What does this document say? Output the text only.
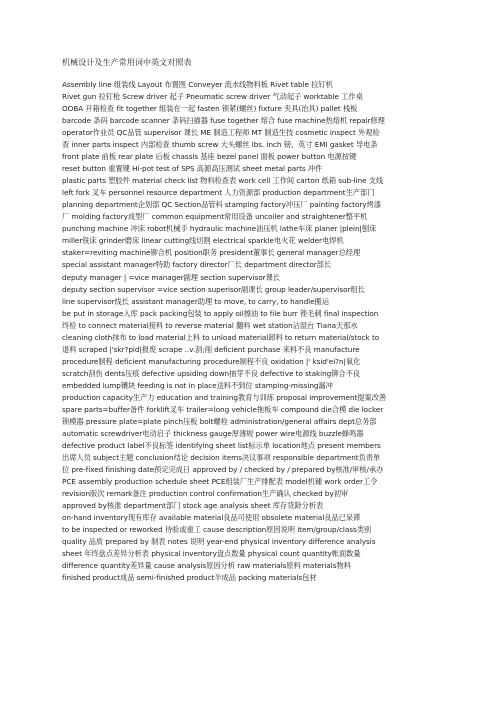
机械设计及生产常用词中英文对照表
Assembly line 组装线 Layout 布置图 Conveyer 流水线物料板 Rivet table 拉钉机
Rivet gun 拉钉枪 Screw driver 起子 Pneumatic screw driver 气动起子 worktable 工作桌
OOBA 开箱检查 fit together 组装在一起 fasten 锁紧(螺丝) fixture 夹具(治具) pallet 栈板
barcode 条码 barcode scanner 条码扫描器 fuse together 熔合 fuse machine热熔机 repair修理
operator作业员 QC品管 supervisor 课长 ME 制造工程师 MT 制造生技 cosmetic inspect 外观检
查 inner parts inspect 内部检查 thumb screw 大头螺丝 lbs. inch 镑、英寸 EMI gasket 导电条
front plate 前板 rear plate 后板 chassis 基座 bezel panel 面板 power button 电源按键
reset button 重置键 Hi-pot test of SPS 高源高压测试 sheet metal parts 冲件
plastic parts 塑胶件 material check list 物料检查表 work cell 工作间 carton 纸箱 sub-line 支线
left fork 叉车 personnel resource department 人力资源部 production department生产部门
planning department企划部 QC Section品管科 stamping factory冲压厂 painting factory烤漆
厂 molding factory成型厂 common equipment常用设备 uncoiler and straightener整平机
punching machine 冲床 robot机械手 hydraulic machine油压机 lathe车床 planer |plein|刨床
miller铣床 grinder磨床 linear cutting线切割 electrical sparkle电火花 welder电焊机
staker=reviting machine铆合机 position职务 president董事长 general manager总经理
special assistant manager特助 factory director厂长 department director部长
deputy manager | =vice manager副理 section supervisor课长
deputy section supervisor =vice section superisor副课长 group leader/supervisor组长
line supervisor线长 assistant manager助理 to move, to carry, to handle搬运
be put in storage入库 pack packing包装 to apply oil擦油 to file burr 锉毛刺 final inspection
终检 to connect material接料 to reverse material 翻料 wet station沾湿台 Tiana天那水
cleaning cloth抹布 to load material上料 to unload material卸料 to return material/stock to
退料 scraped |'skr?pid|报废 scrape ..v.刮;削 deficient purchase 来料不良 manufacture
procedure制程 deficient manufacturing procedure制程不良 oxidation |' ksid'ei?n|氧化
scratch刮伤 dents压痕 defective upsiding down抽芽不良 defective to staking铆合不良
embedded lump镶块 feeding is not in place送料不到位 stamping-missing漏冲
production capacity生产力 education and training教育与训练 proposal improvement提案改善
spare parts=buffer备件 forklift叉车 trailer=long vehicle拖板车 compound die合模 die locker
锁模器 pressure plate=plate pinch压板 bolt螺栓 administration/general affairs dept总务部
automatic screwdriver电动启子 thickness gauge厚薄规 power wire电源线 buzzle蜂鸣器
defective product label不良标签 identifying sheet list标示单 location地点 present members
出席人员 subject主题 conclusion结论 decision items决议事项 responsible department负责单
位 pre-fixed finishing date预定完成日 approved by / checked by / prepared by核准/审核/承办
PCE assembly production schedule sheet PCE组装厂生产排配表 model机锺 work order工令
revision版次 remark备注 production control confirmation生产确认 checked by初审
approved by核准 department部门 stock age analysis sheet 库存货龄分析表
on-hand inventory现有库存 available material良品可使用 obsolete material良品已呆滞
to be inspected or reworked 待验或重工 cause description原因说明 item/group/class类别
quality 品质 prepared by 制表 notes 说明 year-end physical inventory difference analysis
sheet 年终盘点差异分析表 physical inventory盘点数量 physical count quantity帐面数量
difference quantity差异量 cause analysis原因分析 raw materials原料 materials物料
finished product成品 semi-finished product半成品 packing materials包材
